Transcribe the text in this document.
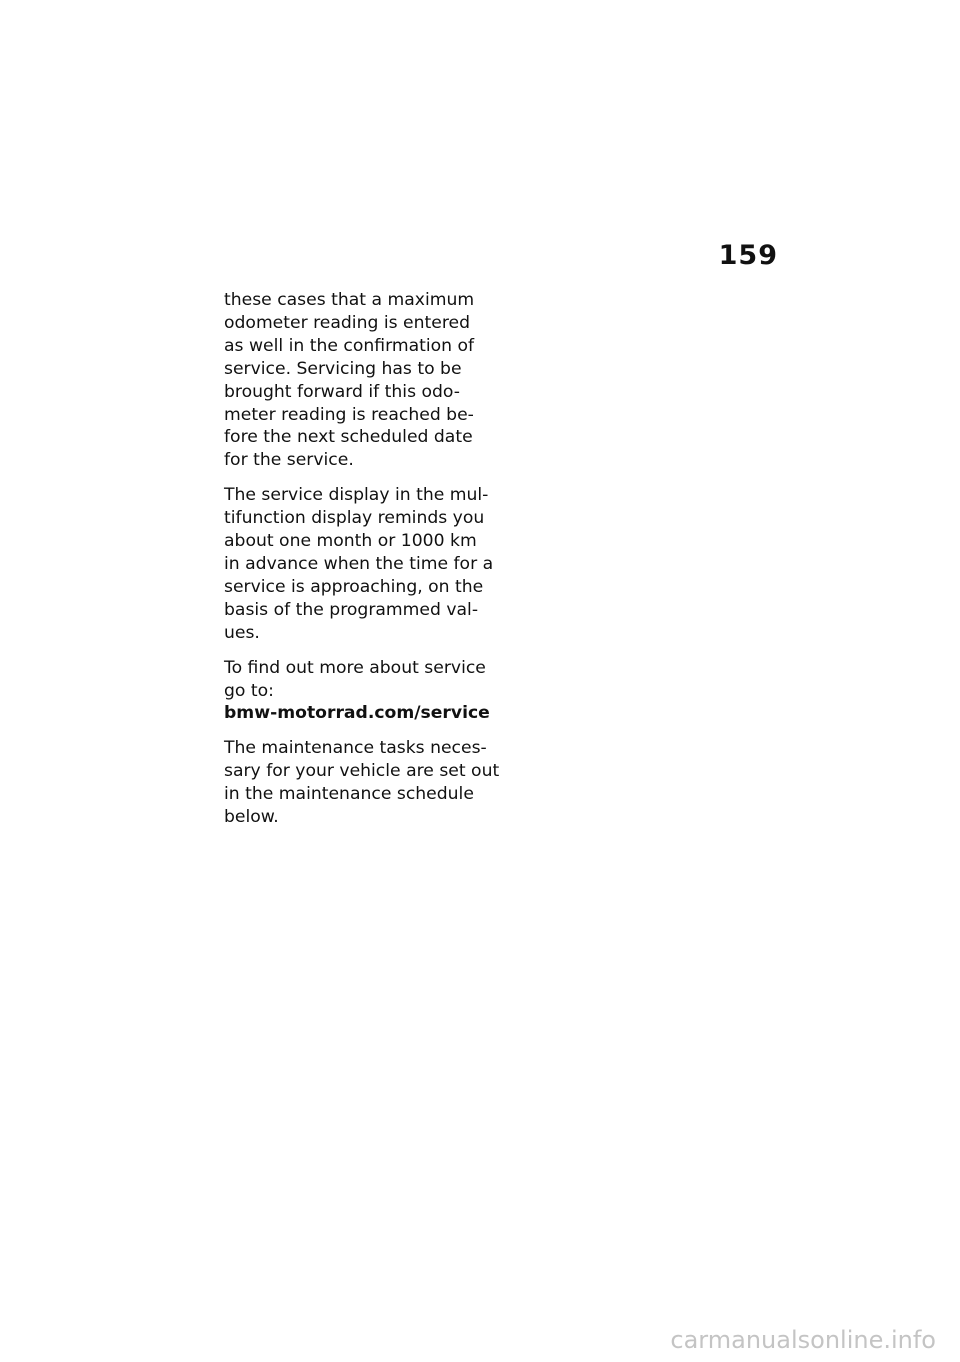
159

these cases that a maximum
odometer reading is entered
as well in the confirmation of
service. Servicing has to be
brought forward if this odo-
meter reading is reached be-
fore the next scheduled date
for the service.

The service display in the mul-
tifunction display reminds you
about one month or 1000 km
in advance when the time for a
service is approaching, on the
basis of the programmed val-
ues.

To find out more about service
go to:
bmw-motorrad.com/service

The maintenance tasks neces-
sary for your vehicle are set out
in the maintenance schedule
below.

carmanualsonline.info
